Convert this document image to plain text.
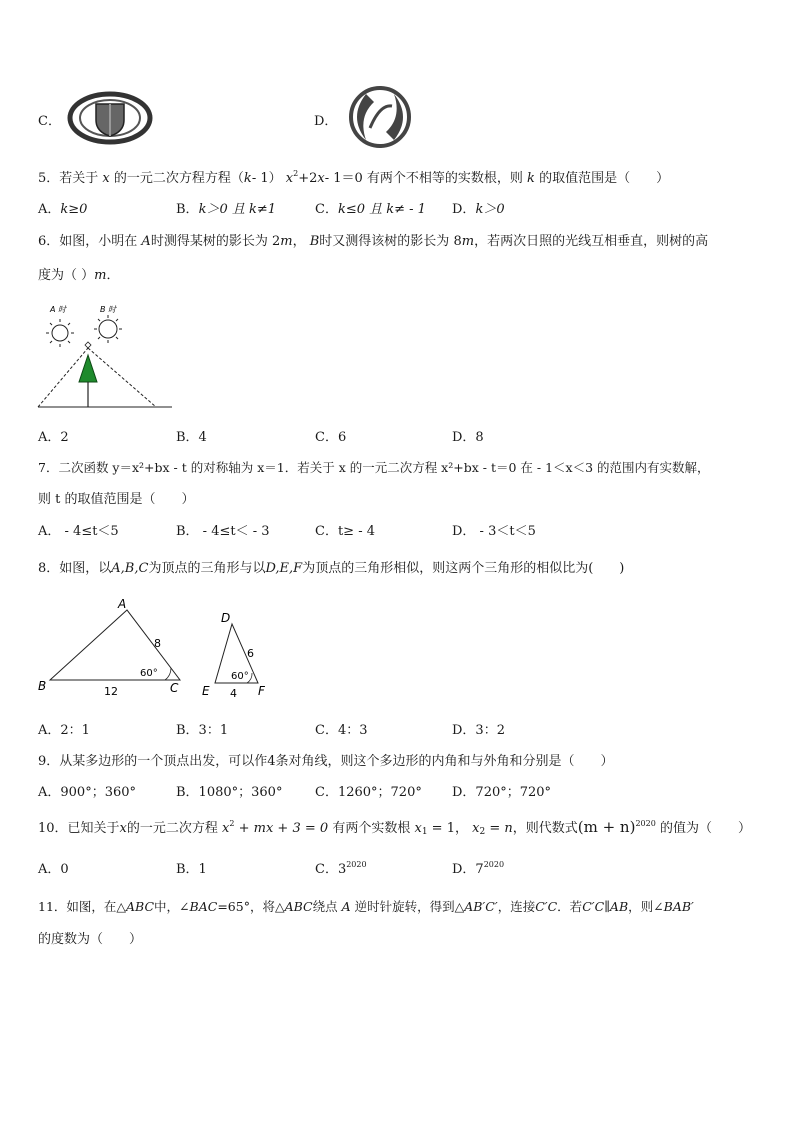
C．	D．
5．若关于 x 的一元二次方程方程（k- 1） $x^2+2x-$ 1＝0 有两个不相等的实数根，则 k 的取值范围是（　　）
A．k≥0	B．k＞0 且 k≠1	C．k≤0 且 k≠ - 1 D．k＞0
6．如图，小明在 A时测得某树的影长为 2m， B时又测得该树的影长为 8m，若两次日照的光线互相垂直，则树的高
度为（ ）m．
A 时	B 时
A．2	B．4	C．6	D．8
7．二次函数 y＝x²+bx - t 的对称轴为 x＝1．若关于 x 的一元二次方程 x²+bx - t＝0 在 - 1＜x＜3 的范围内有实数解，
则 t 的取值范围是（　　）
A． - 4≤t＜5	B． - 4≤t＜ - 3	C．t≥ - 4	D． - 3＜t＜5
8．如图，以A,B,C为顶点的三角形与以D,E,F为顶点的三角形相似，则这两个三角形的相似比为(　　)
A
B	C
8
12
60°
D
E	F
6
4
60°
A．2：1	B．3：1	C．4：3	D．3：2
9．从某多边形的一个顶点出发，可以作4条对角线，则这个多边形的内角和与外角和分别是（　　）
A．900°；360°	B．1080°；360°	C．1260°；720° D．720°；720°
10．已知关于x的一元二次方程 $x^2$ + mx + 3 = 0 有两个实数根 $x_1 = 1$， $x_2 = n$，则代数式$(m + n)^{2020}$ 的值为（　　）
A．0	B．1	C．$3^{2020}$	D．$7^{2020}$
11．如图，在△ABC中，∠BAC=65°，将△ABC绕点 A 逆时针旋转，得到△AB′C′，连接C′C．若C′C∥AB，则∠BAB′
的度数为（　　）
